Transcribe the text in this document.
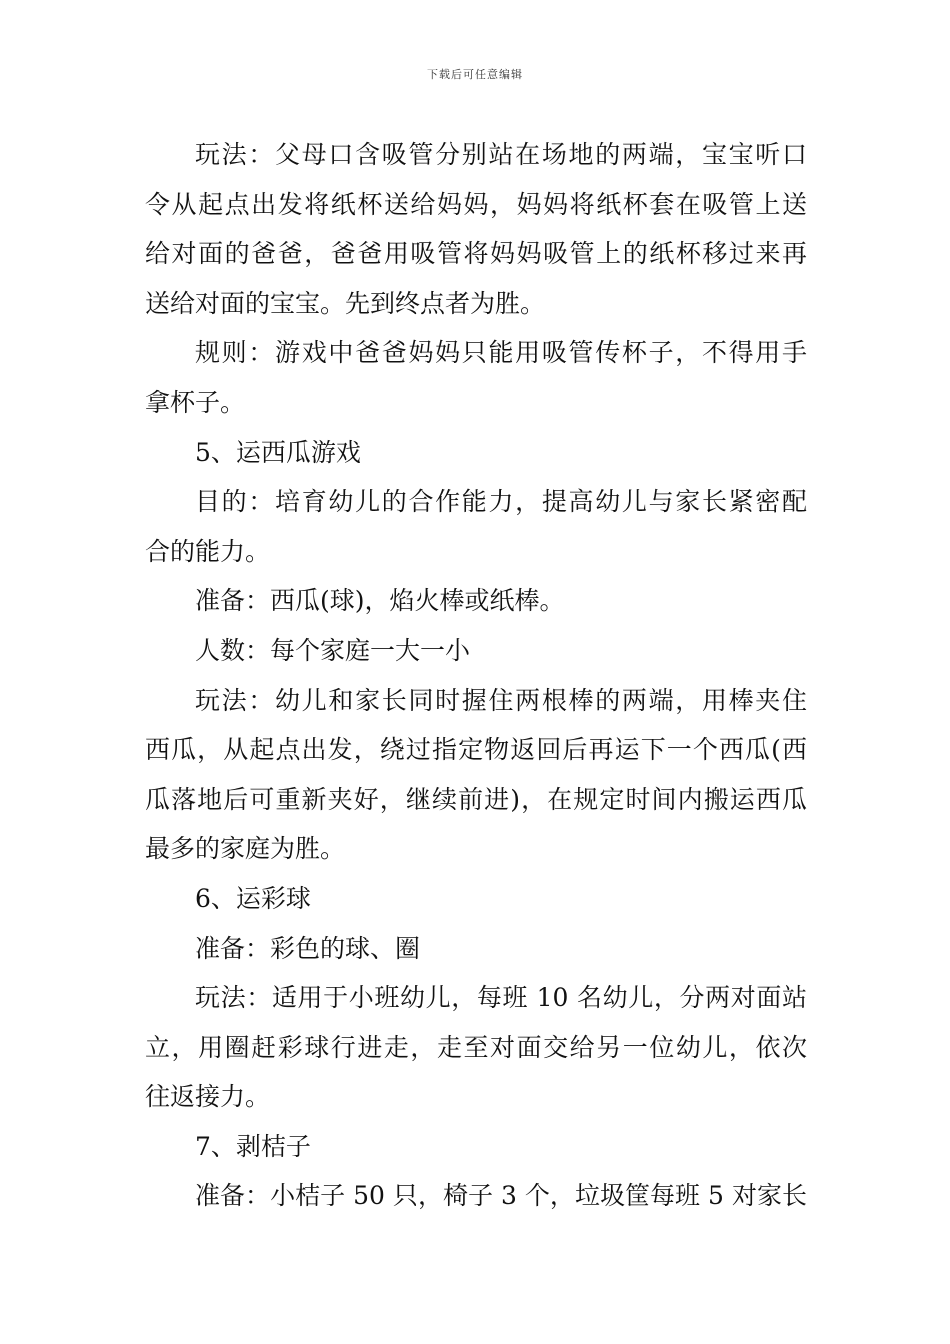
下载后可任意编辑
玩法：父母口含吸管分别站在场地的两端，宝宝听口
令从起点出发将纸杯送给妈妈，妈妈将纸杯套在吸管上送
给对面的爸爸，爸爸用吸管将妈妈吸管上的纸杯移过来再
送给对面的宝宝。先到终点者为胜。
规则：游戏中爸爸妈妈只能用吸管传杯子，不得用手
拿杯子。
5、运西瓜游戏
目的：培育幼儿的合作能力，提高幼儿与家长紧密配
合的能力。
准备：西瓜(球)，焰火棒或纸棒。
人数：每个家庭一大一小
玩法：幼儿和家长同时握住两根棒的两端，用棒夹住
西瓜，从起点出发，绕过指定物返回后再运下一个西瓜(西
瓜落地后可重新夹好，继续前进)，在规定时间内搬运西瓜
最多的家庭为胜。
6、运彩球
准备：彩色的球、圈
玩法：适用于小班幼儿，每班 10 名幼儿，分两对面站
立，用圈赶彩球行进走，走至对面交给另一位幼儿，依次
往返接力。
7、剥桔子
准备：小桔子 50 只，椅子 3 个，垃圾筐每班 5 对家长
